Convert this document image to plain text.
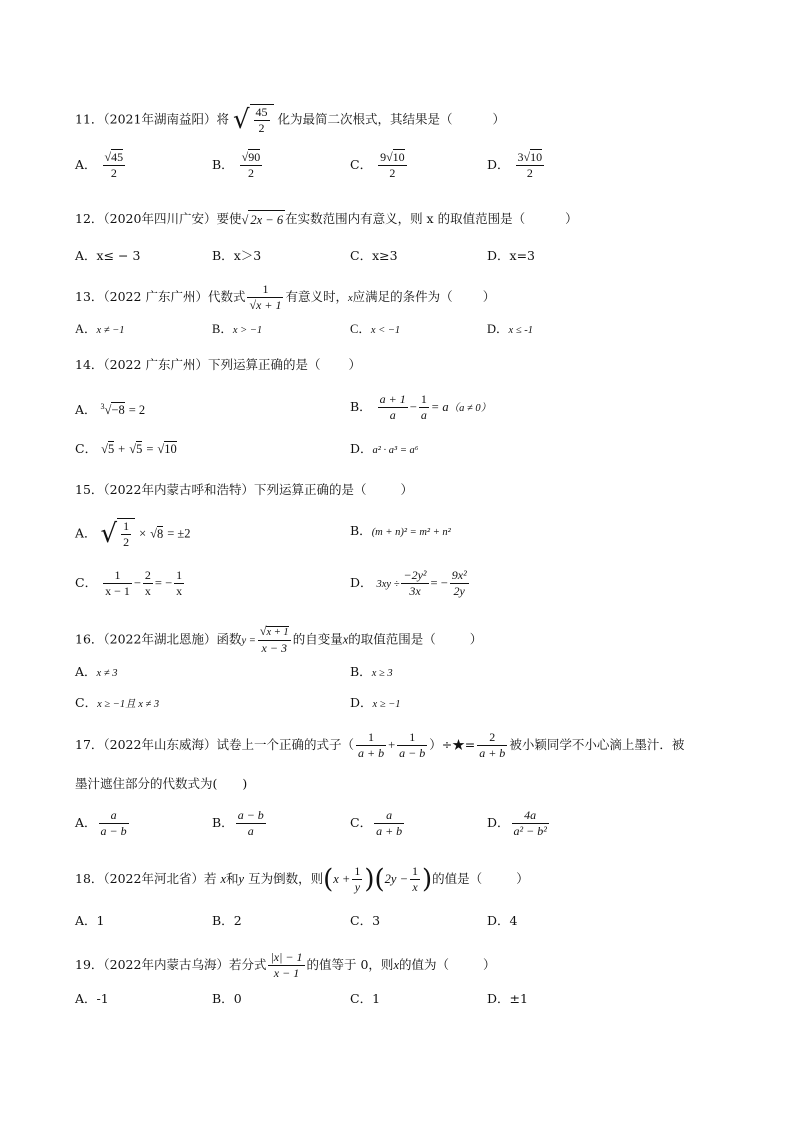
11．（2021年湖南益阳）将 √ $\frac{45}{2}$ 化为最简二次根式，其结果是（	）
A． $\frac{√45}{2}$	B． $\frac{√90}{2}$	C． $\frac{9√10}{2}$	D． $\frac{3√10}{2}$
12．（2020年四川广安）要使√ 2x − 6 在实数范围内有意义，则 x 的取值范围是（	）
A．x≤ − 3	B．x＞3	C．x≥3	D．x=3
13．（2022 广东广州）代数式 $\frac{1}{√x + 1}$ 有意义时，x应满足的条件为（ ）
A．x ≠ −1	B．x > −1	C．x < −1	D．x ≤ -1
14．（2022 广东广州）下列运算正确的是（ ）
A． $^3$√−8 = 2	B． $\frac{a + 1}{a} - \frac{1}{a} = a(a \ne 0)$
C． √5 + √5 = √10	D．a² · a³ = a⁶
15．（2022年内蒙古呼和浩特）下列运算正确的是（	）
A． √ $\frac{1}{2} \times √8 = \pm 2$	B．(m + n)² = m² + n²
C． $\frac{1}{x - 1} - \frac{2}{x}$ = − $\frac{1}{x}$	D． $3xy \div \frac{\text{−2y²}}{3x}$ = − $\frac{\text{9x²}}{2y}$
16．（2022年湖北恩施）函数$y = \frac{√x + 1}{x - 3}$ 的自变量x的取值范围是（	）
A．x ≠ 3	B．x ≥ 3
C．x ≥ −1且 x ≠ 3	D．x ≥ −1
17．（2022年山东威海）试卷上一个正确的式子（ $\frac{1}{a + b} + \frac{1}{a - b}$ ）÷★= $\frac{2}{a + b}$ 被小颖同学不小心滴上墨汁．被
墨汁遮住部分的代数式为(　　)
A． $\frac{a}{a - b}$	B． $\frac{a - b}{a}$	C． $\frac{a}{a + b}$	D． $\frac{4a}{\text{a² − b²}}$
18．（2022年河北省）若 x和y 互为倒数，则$(x + \frac{1}{y} )(2y - \frac{1}{x}$ )的值是（	）
A．1	B．2	C．3	D．4
19．（2022年内蒙古乌海）若分式 $\frac{|x| - 1}{x - 1}$ 的值等于 0，则x的值为（	）
A．-1	B．0	C．1	D．±1
